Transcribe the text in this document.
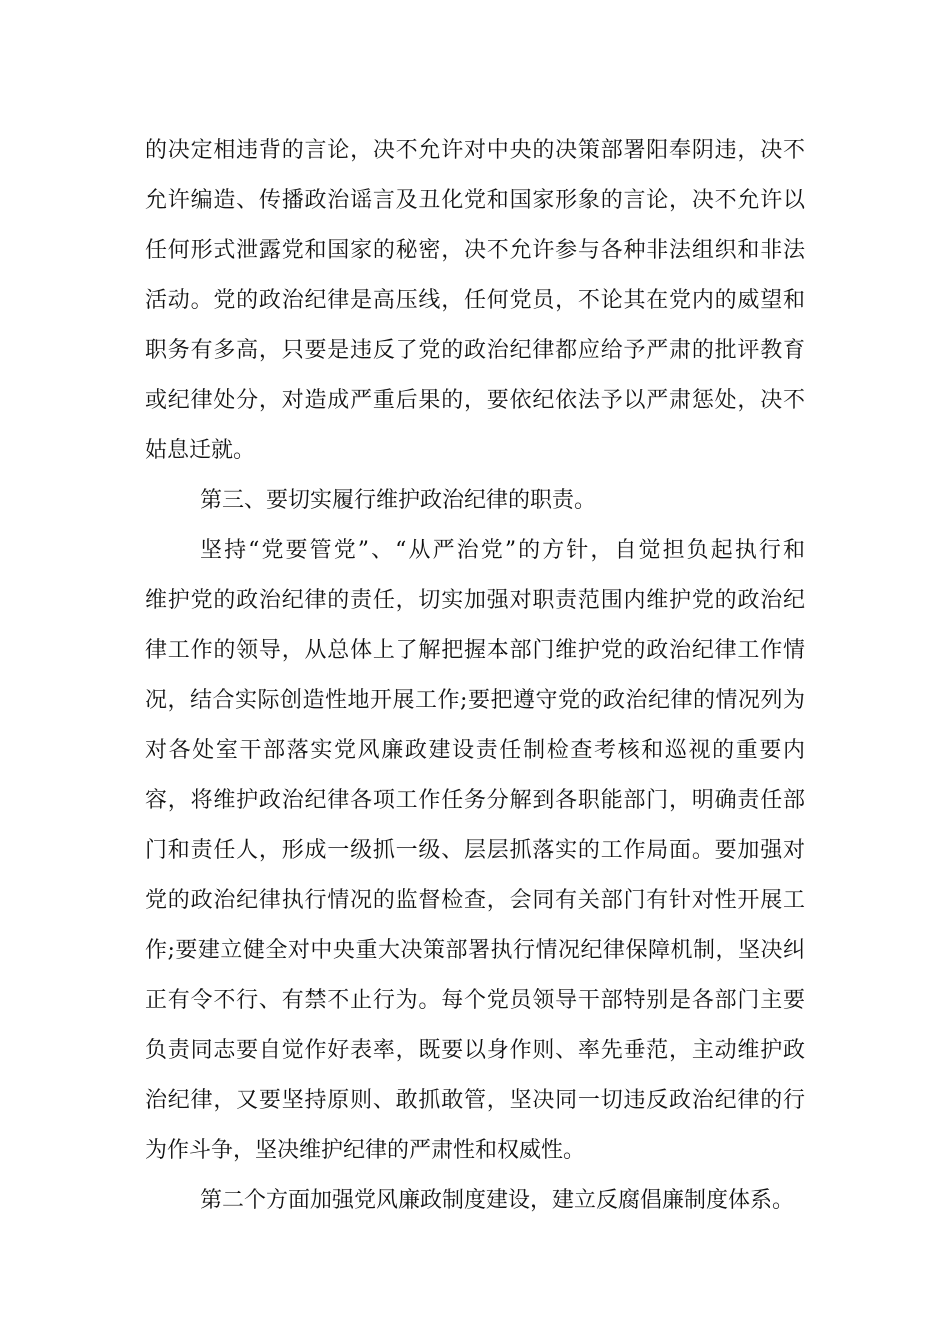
的决定相违背的言论，决不允许对中央的决策部署阳奉阴违，决不
允许编造、传播政治谣言及丑化党和国家形象的言论，决不允许以
任何形式泄露党和国家的秘密，决不允许参与各种非法组织和非法
活动。党的政治纪律是高压线，任何党员，不论其在党内的威望和
职务有多高，只要是违反了党的政治纪律都应给予严肃的批评教育
或纪律处分，对造成严重后果的，要依纪依法予以严肃惩处，决不
姑息迁就。
第三、要切实履行维护政治纪律的职责。
坚持“党要管党”、“从严治党”的方针，自觉担负起执行和
维护党的政治纪律的责任，切实加强对职责范围内维护党的政治纪
律工作的领导，从总体上了解把握本部门维护党的政治纪律工作情
况，结合实际创造性地开展工作;要把遵守党的政治纪律的情况列为
对各处室干部落实党风廉政建设责任制检查考核和巡视的重要内
容，将维护政治纪律各项工作任务分解到各职能部门，明确责任部
门和责任人，形成一级抓一级、层层抓落实的工作局面。要加强对
党的政治纪律执行情况的监督检查，会同有关部门有针对性开展工
作;要建立健全对中央重大决策部署执行情况纪律保障机制，坚决纠
正有令不行、有禁不止行为。每个党员领导干部特别是各部门主要
负责同志要自觉作好表率，既要以身作则、率先垂范，主动维护政
治纪律，又要坚持原则、敢抓敢管，坚决同一切违反政治纪律的行
为作斗争，坚决维护纪律的严肃性和权威性。
第二个方面加强党风廉政制度建设，建立反腐倡廉制度体系。
